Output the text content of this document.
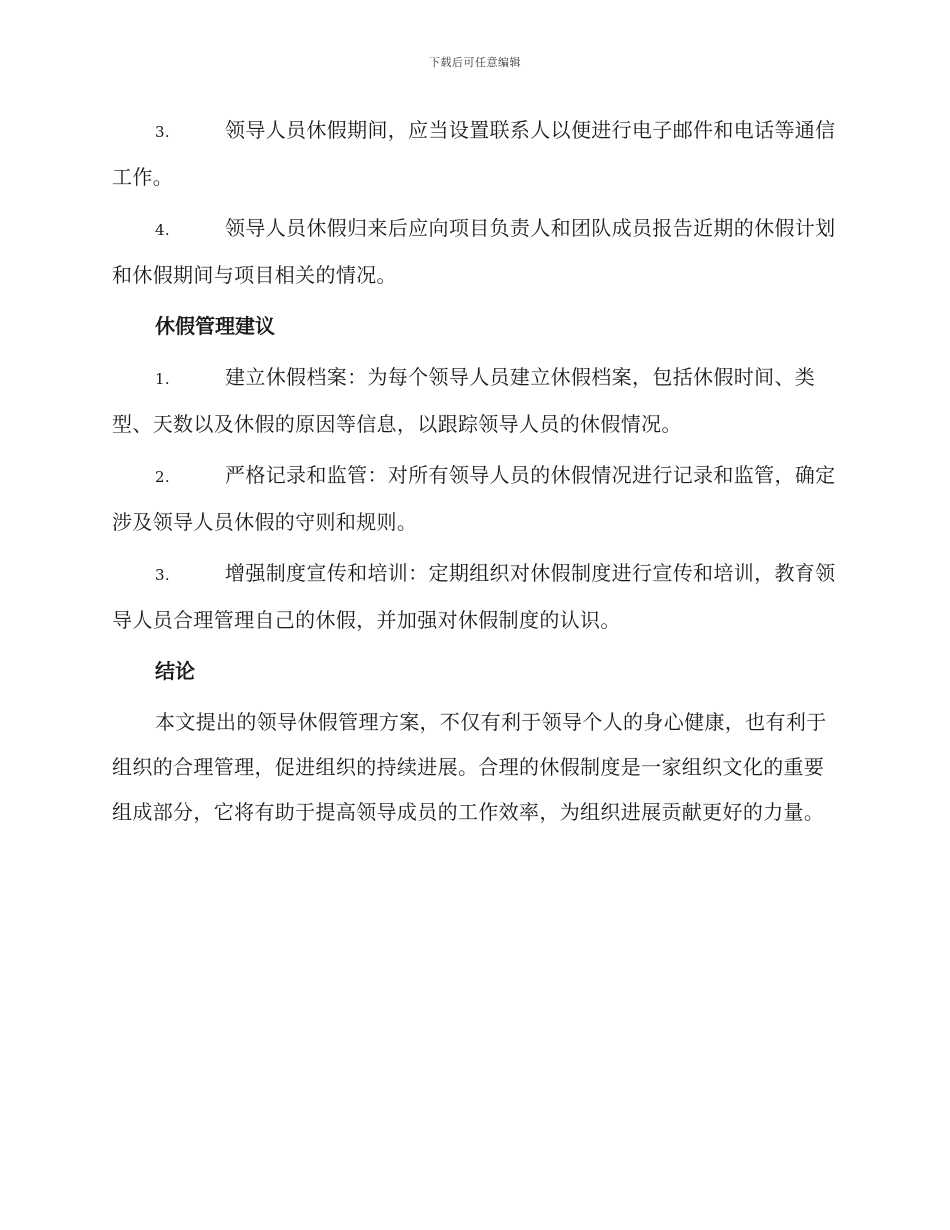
下载后可任意编辑

3.	领导人员休假期间，应当设置联系人以便进行电子邮件和电话等通信工作。

4.	领导人员休假归来后应向项目负责人和团队成员报告近期的休假计划和休假期间与项目相关的情况。

休假管理建议

1.	建立休假档案：为每个领导人员建立休假档案，包括休假时间、类型、天数以及休假的原因等信息，以跟踪领导人员的休假情况。

2.	严格记录和监管：对所有领导人员的休假情况进行记录和监管，确定涉及领导人员休假的守则和规则。

3.	增强制度宣传和培训：定期组织对休假制度进行宣传和培训，教育领导人员合理管理自己的休假，并加强对休假制度的认识。

结论

本文提出的领导休假管理方案，不仅有利于领导个人的身心健康，也有利于组织的合理管理，促进组织的持续进展。合理的休假制度是一家组织文化的重要组成部分，它将有助于提高领导成员的工作效率，为组织进展贡献更好的力量。
